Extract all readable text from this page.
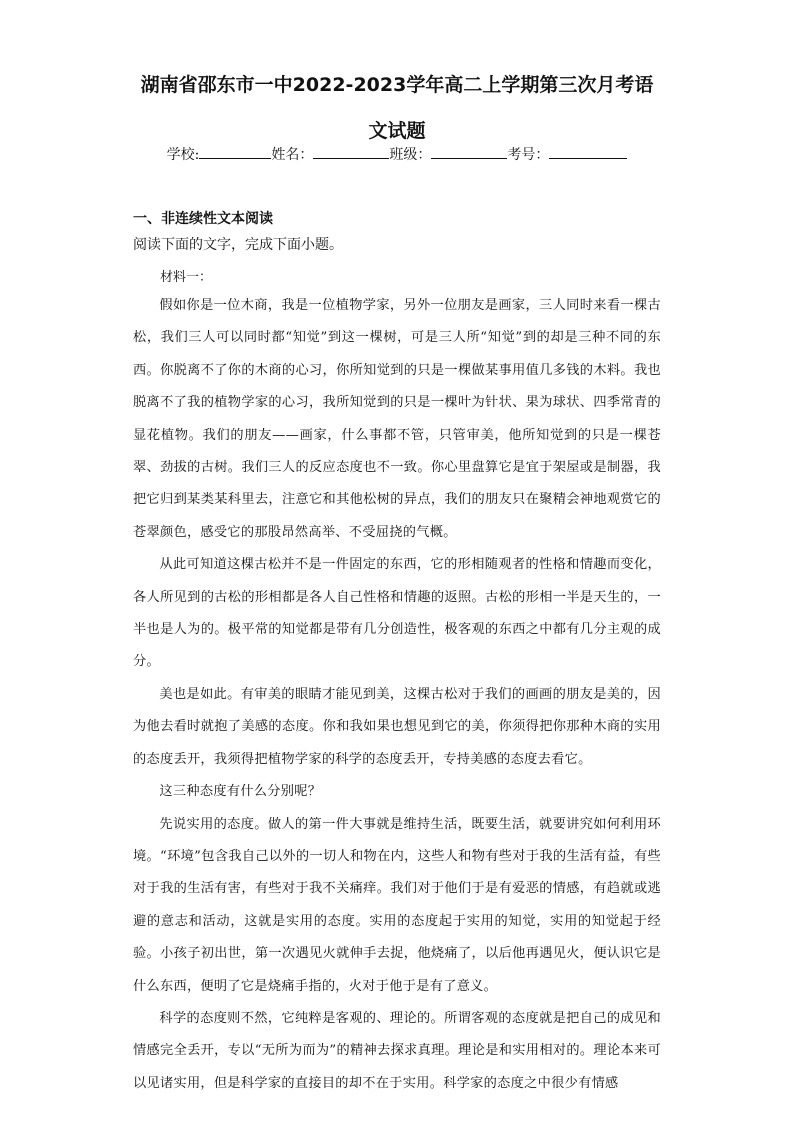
湖南省邵东市一中2022-2023学年高二上学期第三次月考语
文试题
学校:	姓名：	班级：	考号：
一、非连续性文本阅读

阅读下面的文字，完成下面小题。

材料一：

假如你是一位木商，我是一位植物学家，另外一位朋友是画家，三人同时来看一棵古松，我们三人可以同时都“知觉”到这一棵树，可是三人所“知觉”到的却是三种不同的东西。你脱离不了你的木商的心习，你所知觉到的只是一棵做某事用值几多钱的木料。我也脱离不了我的植物学家的心习，我所知觉到的只是一棵叶为针状、果为球状、四季常青的显花植物。我们的朋友——画家，什么事都不管，只管审美，他所知觉到的只是一棵苍翠、劲拔的古树。我们三人的反应态度也不一致。你心里盘算它是宜于架屋或是制器，我把它归到某类某科里去，注意它和其他松树的异点，我们的朋友只在聚精会神地观赏它的苍翠颜色，感受它的那股昂然高举、不受屈挠的气概。

从此可知道这棵古松并不是一件固定的东西，它的形相随观者的性格和情趣而变化，各人所见到的古松的形相都是各人自己性格和情趣的返照。古松的形相一半是天生的，一半也是人为的。极平常的知觉都是带有几分创造性，极客观的东西之中都有几分主观的成分。

美也是如此。有审美的眼睛才能见到美，这棵古松对于我们的画画的朋友是美的，因为他去看时就抱了美感的态度。你和我如果也想见到它的美，你须得把你那种木商的实用的态度丢开，我须得把植物学家的科学的态度丢开，专持美感的态度去看它。

这三种态度有什么分别呢？

先说实用的态度。做人的第一件大事就是维持生活，既要生活，就要讲究如何利用环境。“环境”包含我自己以外的一切人和物在内，这些人和物有些对于我的生活有益，有些对于我的生活有害，有些对于我不关痛痒。我们对于他们于是有爱恶的情感，有趋就或逃避的意志和活动，这就是实用的态度。实用的态度起于实用的知觉，实用的知觉起于经验。小孩子初出世，第一次遇见火就伸手去捉，他烧痛了，以后他再遇见火，便认识它是什么东西，便明了它是烧痛手指的，火对于他于是有了意义。

科学的态度则不然，它纯粹是客观的、理论的。所谓客观的态度就是把自己的成见和情感完全丢开，专以“无所为而为”的精神去探求真理。理论是和实用相对的。理论本来可以见诸实用，但是科学家的直接目的却不在于实用。科学家的态度之中很少有情感
